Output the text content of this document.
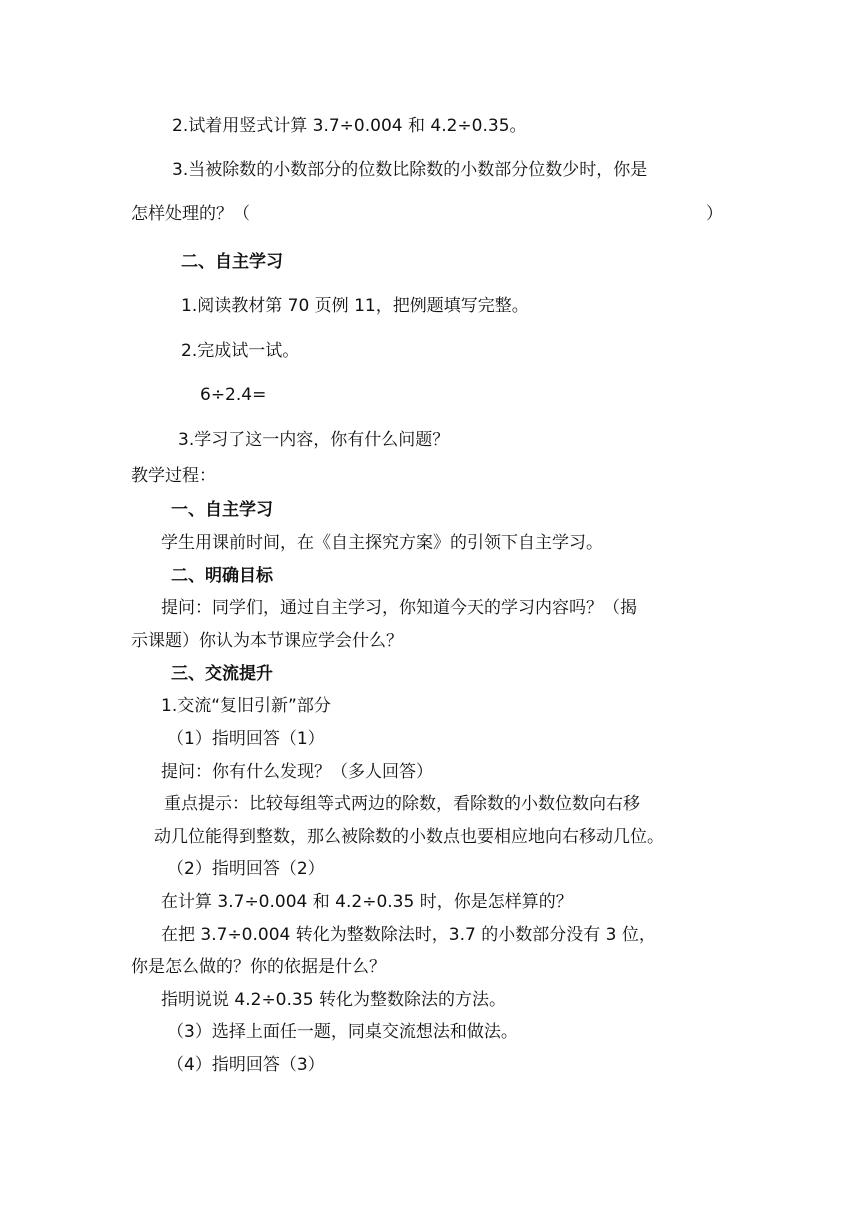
2.试着用竖式计算 3.7÷0.004 和 4.2÷0.35。
3.当被除数的小数部分的位数比除数的小数部分位数少时，你是
怎样处理的？（	）
二、自主学习
1.阅读教材第 70 页例 11，把例题填写完整。
2.完成试一试。
6÷2.4=
3.学习了这一内容，你有什么问题？
教学过程：
一、自主学习
学生用课前时间，在《自主探究方案》的引领下自主学习。
二、明确目标
提问：同学们，通过自主学习，你知道今天的学习内容吗？（揭
示课题）你认为本节课应学会什么？
三、交流提升
1.交流“复旧引新”部分
（1）指明回答（1）
提问：你有什么发现？（多人回答）
重点提示：比较每组等式两边的除数，看除数的小数位数向右移
动几位能得到整数，那么被除数的小数点也要相应地向右移动几位。
（2）指明回答（2）
在计算 3.7÷0.004 和 4.2÷0.35 时，你是怎样算的？
在把 3.7÷0.004 转化为整数除法时，3.7 的小数部分没有 3 位，
你是怎么做的？你的依据是什么？
指明说说 4.2÷0.35 转化为整数除法的方法。
（3）选择上面任一题，同桌交流想法和做法。
（4）指明回答（3）
